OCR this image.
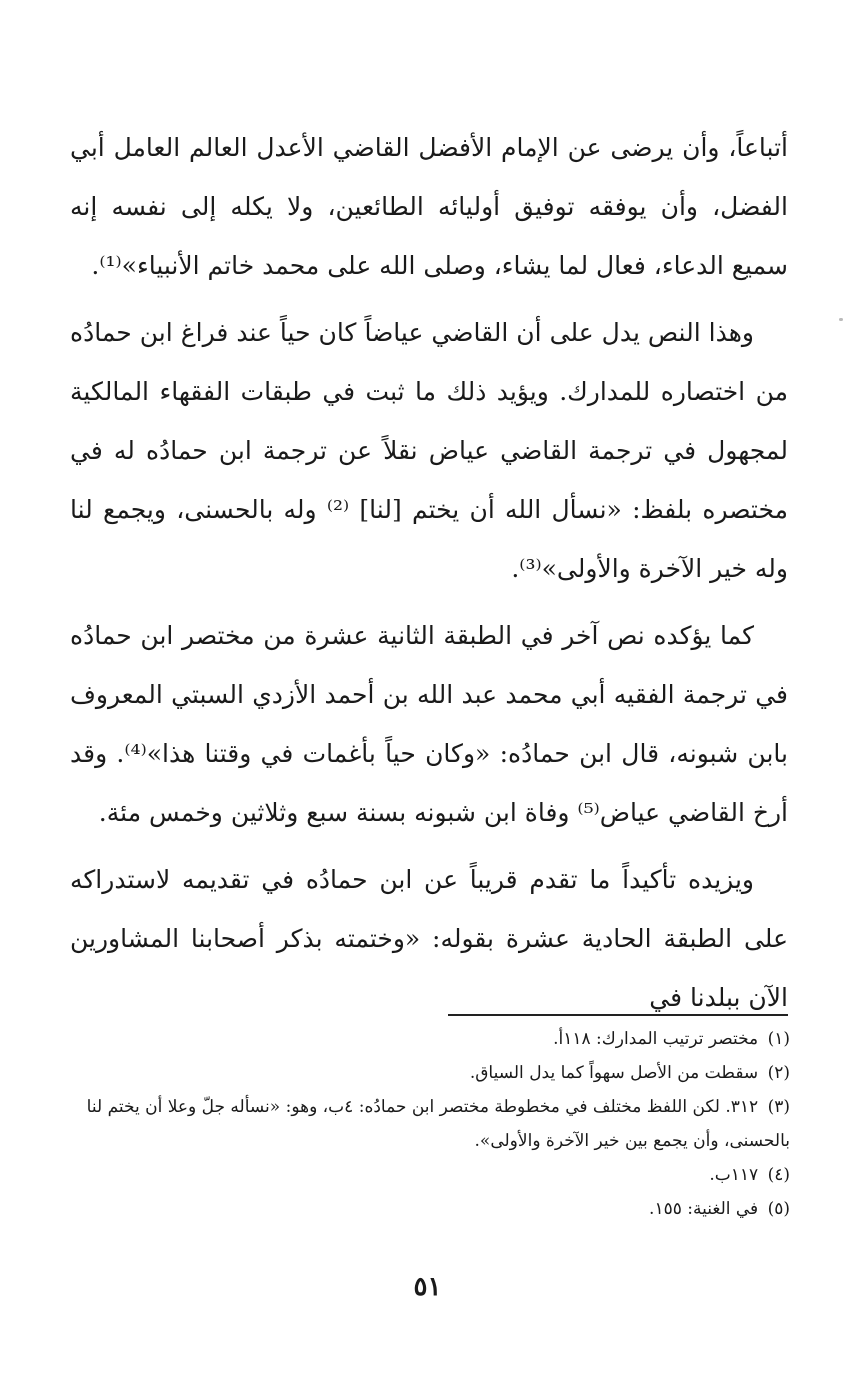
أتباعاً، وأن يرضى عن الإمام الأفضل القاضي الأعدل العالم العامل أبي الفضل، وأن يوفقه توفيق أوليائه الطائعين، ولا يكله إلى نفسه إنه سميع الدعاء، فعال لما يشاء، وصلى الله على محمد خاتم الأنبياء»⁽¹⁾.

وهذا النص يدل على أن القاضي عياضاً كان حياً عند فراغ ابن حمادُه من اختصاره للمدارك. ويؤيد ذلك ما ثبت في طبقات الفقهاء المالكية لمجهول في ترجمة القاضي عياض نقلاً عن ترجمة ابن حمادُه له في مختصره بلفظ: «نسأل الله أن يختم [لنا] ⁽²⁾ وله بالحسنى، ويجمع لنا وله خير الآخرة والأولى»⁽³⁾.

كما يؤكده نص آخر في الطبقة الثانية عشرة من مختصر ابن حمادُه في ترجمة الفقيه أبي محمد عبد الله بن أحمد الأزدي السبتي المعروف بابن شبونه، قال ابن حمادُه: «وكان حياً بأغمات في وقتنا هذا»⁽⁴⁾. وقد أرخ القاضي عياض⁽⁵⁾ وفاة ابن شبونه بسنة سبع وثلاثين وخمس مئة.

ويزيده تأكيداً ما تقدم قريباً عن ابن حمادُه في تقديمه لاستدراكه على الطبقة الحادية عشرة بقوله: «وختمته بذكر أصحابنا المشاورين الآن ببلدنا في

(١) مختصر ترتيب المدارك: ١١٨أ.

(٢) سقطت من الأصل سهواً كما يدل السياق.

(٣) ٣١٢. لكن اللفظ مختلف في مخطوطة مختصر ابن حمادُه: ٤ب، وهو: «نسأله جلّ وعلا أن يختم لنا بالحسنى، وأن يجمع بين خير الآخرة والأولى».

(٤) ١١٧ب.

(٥) في الغنية: ١٥٥.

٥١
